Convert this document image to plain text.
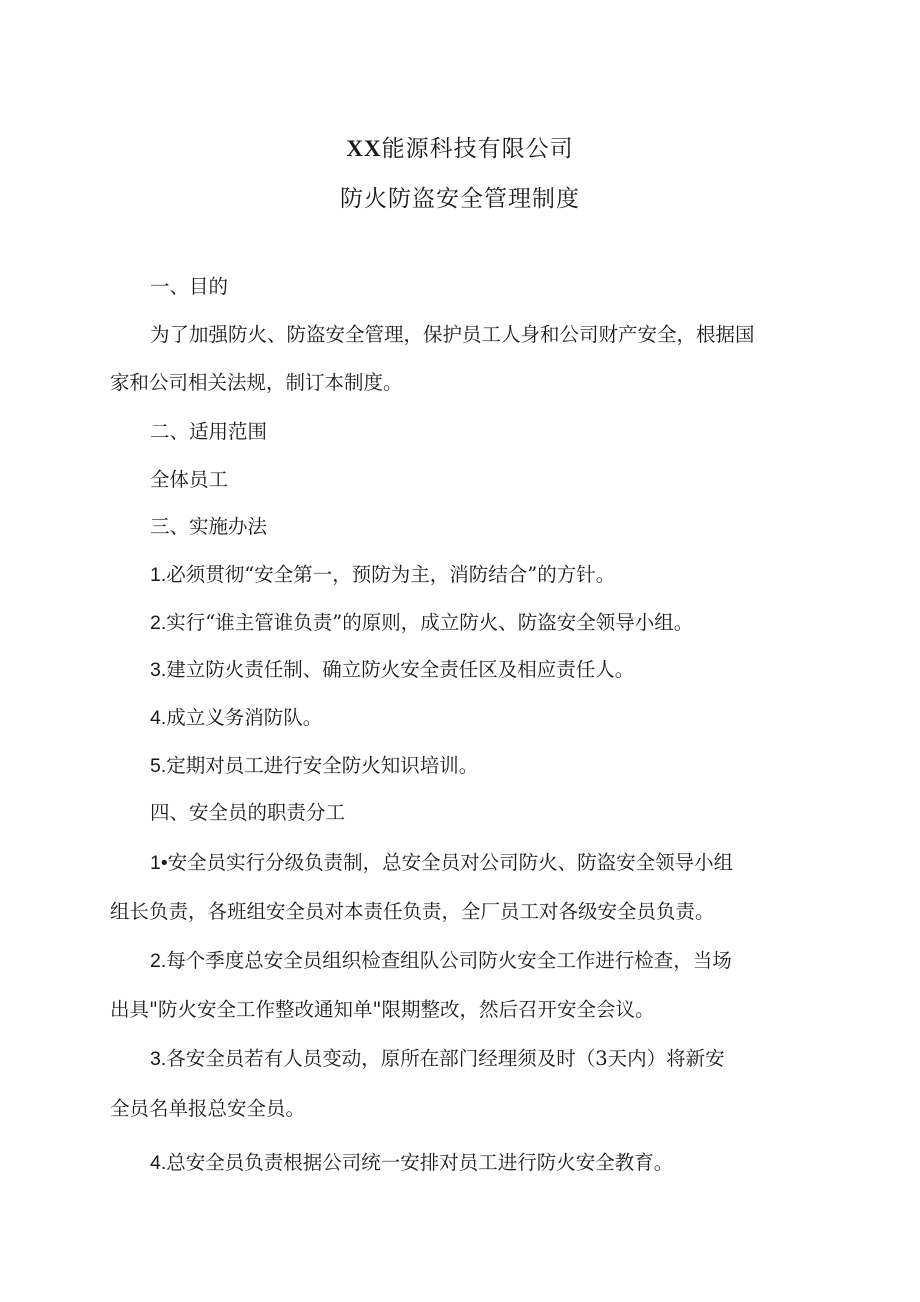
XX能源科技有限公司
防火防盗安全管理制度
一、目的
为了加强防火、防盗安全管理，保护员工人身和公司财产安全，根据国
家和公司相关法规，制订本制度。
二、适用范围
全体员工
三、实施办法
1.必须贯彻“安全第一，预防为主，消防结合”的方针。
2.实行“谁主管谁负责”的原则，成立防火、防盗安全领导小组。
3.建立防火责任制、确立防火安全责任区及相应责任人。
4.成立义务消防队。
5.定期对员工进行安全防火知识培训。
四、安全员的职责分工
1•安全员实行分级负责制，总安全员对公司防火、防盗安全领导小组
组长负责，各班组安全员对本责任负责，全厂员工对各级安全员负责。
2.每个季度总安全员组织检查组队公司防火安全工作进行检查，当场
出具"防火安全工作整改通知单"限期整改，然后召开安全会议。
3.各安全员若有人员变动，原所在部门经理须及时（3天内）将新安
全员名单报总安全员。
4.总安全员负责根据公司统一安排对员工进行防火安全教育。
